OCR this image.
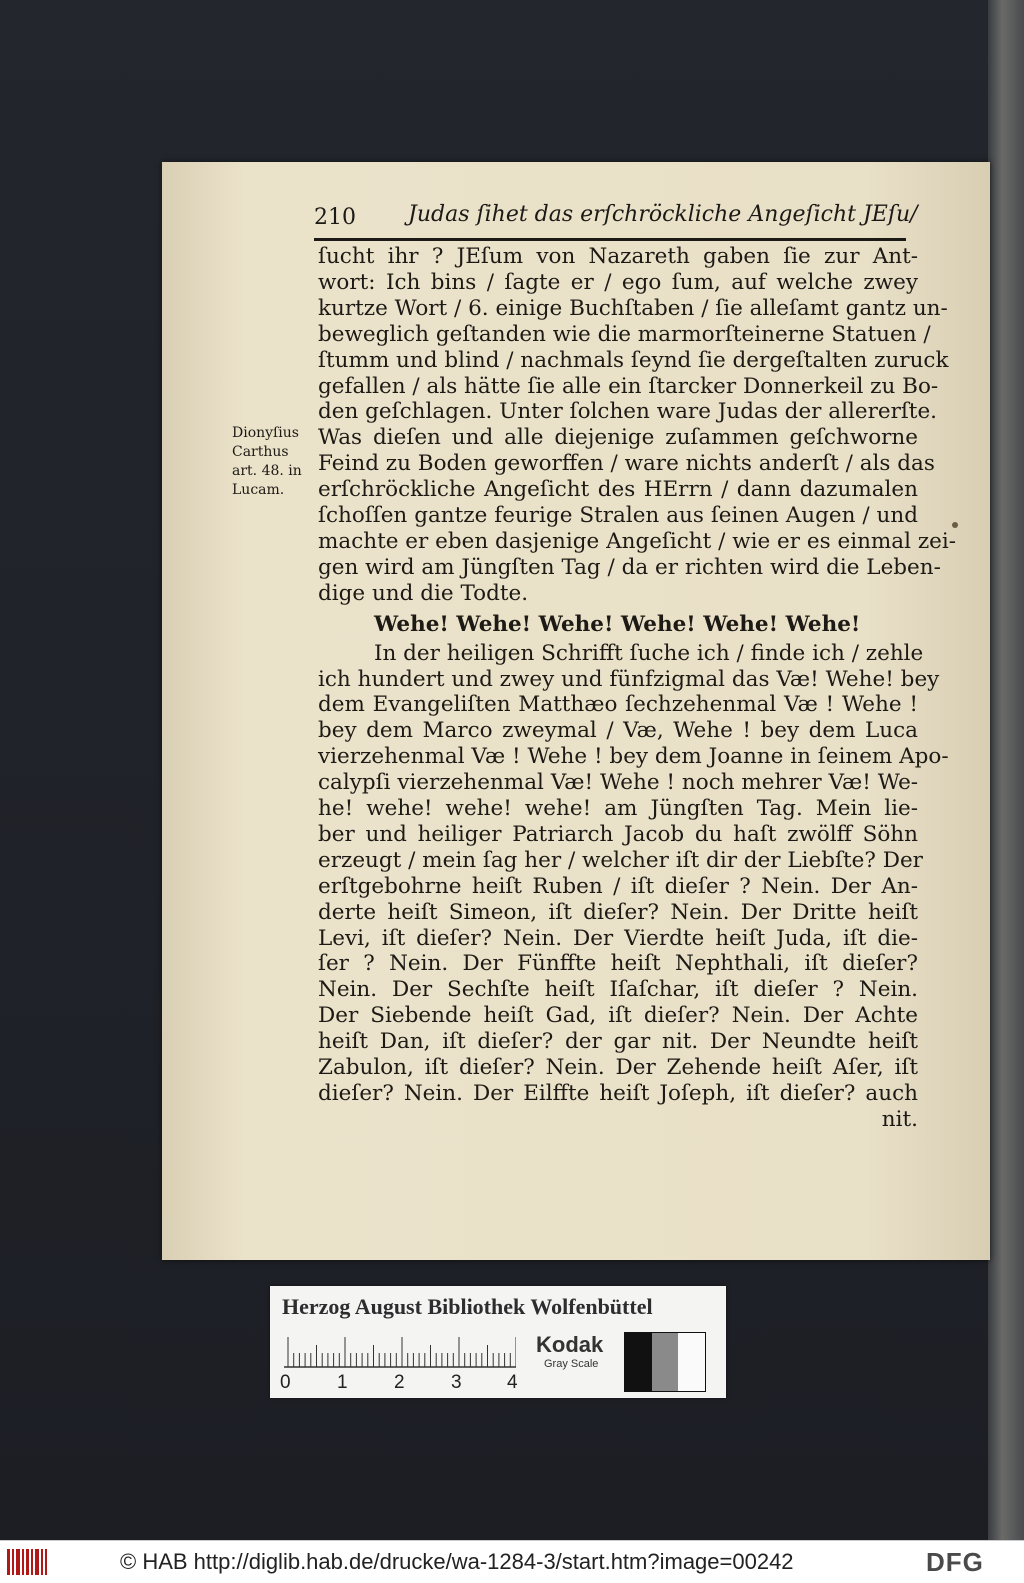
210 Judas ſihet das erſchröckliche Angeſicht JEſu/
Dionyſius
Carthus
art. 48. in
Lucam.

ſucht ihr ? JEſum von Nazareth gaben ſie zur Ant-
wort: Ich bins / ſagte er / ego ſum, auf welche zwey
kurtze Wort / 6. einige Buchſtaben / ſie alleſamt gantz un-
beweglich geſtanden wie die marmorſteinerne Statuen /
ſtumm und blind / nachmals ſeynd ſie dergeſtalten zuruck
gefallen / als hätte ſie alle ein ſtarcker Donnerkeil zu Bo-
den geſchlagen. Unter ſolchen ware Judas der allererſte.
Was dieſen und alle diejenige zuſammen geſchworne
Feind zu Boden geworffen / ware nichts anderſt / als das
erſchröckliche Angeſicht des HErrn / dann dazumalen
ſchoſſen gantze feurige Stralen aus ſeinen Augen / und
machte er eben dasjenige Angeſicht / wie er es einmal zei-
gen wird am Jüngſten Tag / da er richten wird die Leben-
dige und die Todte.

Wehe! Wehe! Wehe! Wehe! Wehe! Wehe!

In der heiligen Schrifft ſuche ich / finde ich / zehle
ich hundert und zwey und fünfzigmal das Væ! Wehe! bey
dem Evangeliſten Matthæo ſechzehenmal Væ ! Wehe !
bey dem Marco zweymal / Væ, Wehe ! bey dem Luca
vierzehenmal Væ ! Wehe ! bey dem Joanne in ſeinem Apo-
calypſi vierzehenmal Væ! Wehe ! noch mehrer Væ! We-
he! wehe! wehe! wehe! am Jüngſten Tag. Mein lie-
ber und heiliger Patriarch Jacob du haſt zwölff Söhn
erzeugt / mein ſag her / welcher iſt dir der Liebſte? Der
erſtgebohrne heiſt Ruben / iſt dieſer ? Nein. Der An-
derte heiſt Simeon, iſt dieſer? Nein. Der Dritte heiſt
Levi, iſt dieſer? Nein. Der Vierdte heiſt Juda, iſt die-
ſer ? Nein. Der Fünffte heiſt Nephthali, iſt dieſer?
Nein. Der Sechſte heiſt Iſaſchar, iſt dieſer ? Nein.
Der Siebende heiſt Gad, iſt dieſer? Nein. Der Achte
heiſt Dan, iſt dieſer? der gar nit. Der Neundte heiſt
Zabulon, iſt dieſer? Nein. Der Zehende heiſt Aſer, iſt
dieſer? Nein. Der Eilffte heiſt Joſeph, iſt dieſer? auch
nit.

Herzog August Bibliothek Wolfenbüttel
0 1 2 3 4
Kodak
Gray Scale
© HAB http://diglib.hab.de/drucke/wa-1284-3/start.htm?image=00242	DFG
